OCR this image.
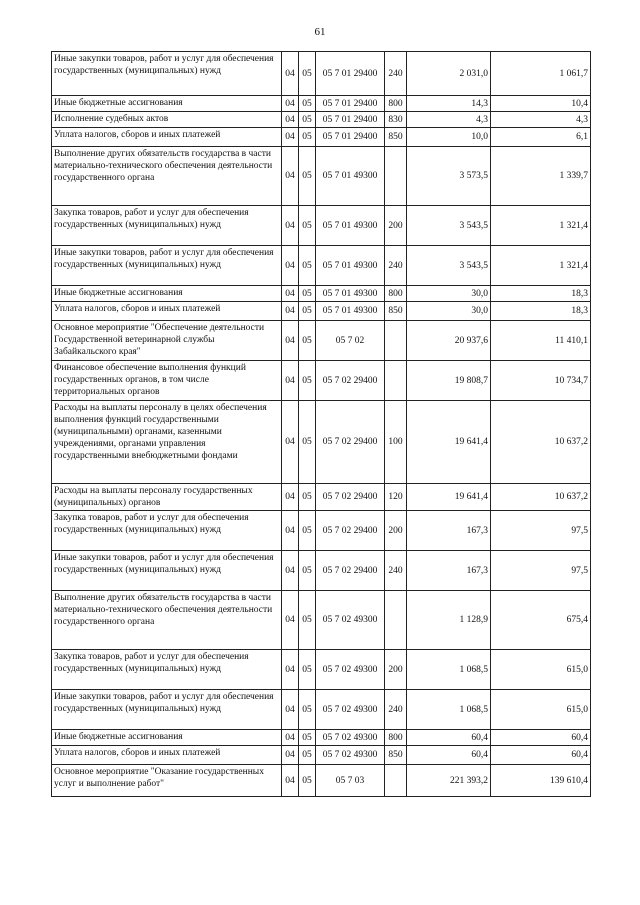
61
Иные закупки товаров, работ и услуг для обеспечения государственных (муниципальных) нужд	04	05	05 7 01 29400	240	2 031,0	1 061,7
Иные бюджетные ассигнования	04	05	05 7 01 29400	800	14,3	10,4
Исполнение судебных актов	04	05	05 7 01 29400	830	4,3	4,3
Уплата налогов, сборов и иных платежей	04	05	05 7 01 29400	850	10,0	6,1
Выполнение других обязательств государства в части материально-технического обеспечения деятельности государственного органа	04	05	05 7 01 49300		3 573,5	1 339,7
Закупка товаров, работ и услуг для обеспечения государственных (муниципальных) нужд	04	05	05 7 01 49300	200	3 543,5	1 321,4
Иные закупки товаров, работ и услуг для обеспечения государственных (муниципальных) нужд	04	05	05 7 01 49300	240	3 543,5	1 321,4
Иные бюджетные ассигнования	04	05	05 7 01 49300	800	30,0	18,3
Уплата налогов, сборов и иных платежей	04	05	05 7 01 49300	850	30,0	18,3
Основное мероприятие "Обеспечение деятельности Государственной ветеринарной службы Забайкальского края"	04	05	05 7 02		20 937,6	11 410,1
Финансовое обеспечение выполнения функций государственных органов, в том числе территориальных органов	04	05	05 7 02 29400		19 808,7	10 734,7
Расходы на выплаты персоналу в целях обеспечения выполнения функций государственными (муниципальными) органами, казенными учреждениями, органами управления государственными внебюджетными фондами	04	05	05 7 02 29400	100	19 641,4	10 637,2
Расходы на выплаты персоналу государственных (муниципальных) органов	04	05	05 7 02 29400	120	19 641,4	10 637,2
Закупка товаров, работ и услуг для обеспечения государственных (муниципальных) нужд	04	05	05 7 02 29400	200	167,3	97,5
Иные закупки товаров, работ и услуг для обеспечения государственных (муниципальных) нужд	04	05	05 7 02 29400	240	167,3	97,5
Выполнение других обязательств государства в части материально-технического обеспечения деятельности государственного органа	04	05	05 7 02 49300		1 128,9	675,4
Закупка товаров, работ и услуг для обеспечения государственных (муниципальных) нужд	04	05	05 7 02 49300	200	1 068,5	615,0
Иные закупки товаров, работ и услуг для обеспечения государственных (муниципальных) нужд	04	05	05 7 02 49300	240	1 068,5	615,0
Иные бюджетные ассигнования	04	05	05 7 02 49300	800	60,4	60,4
Уплата налогов, сборов и иных платежей	04	05	05 7 02 49300	850	60,4	60,4
Основное мероприятие "Оказание государственных услуг и выполнение работ"	04	05	05 7 03		221 393,2	139 610,4
